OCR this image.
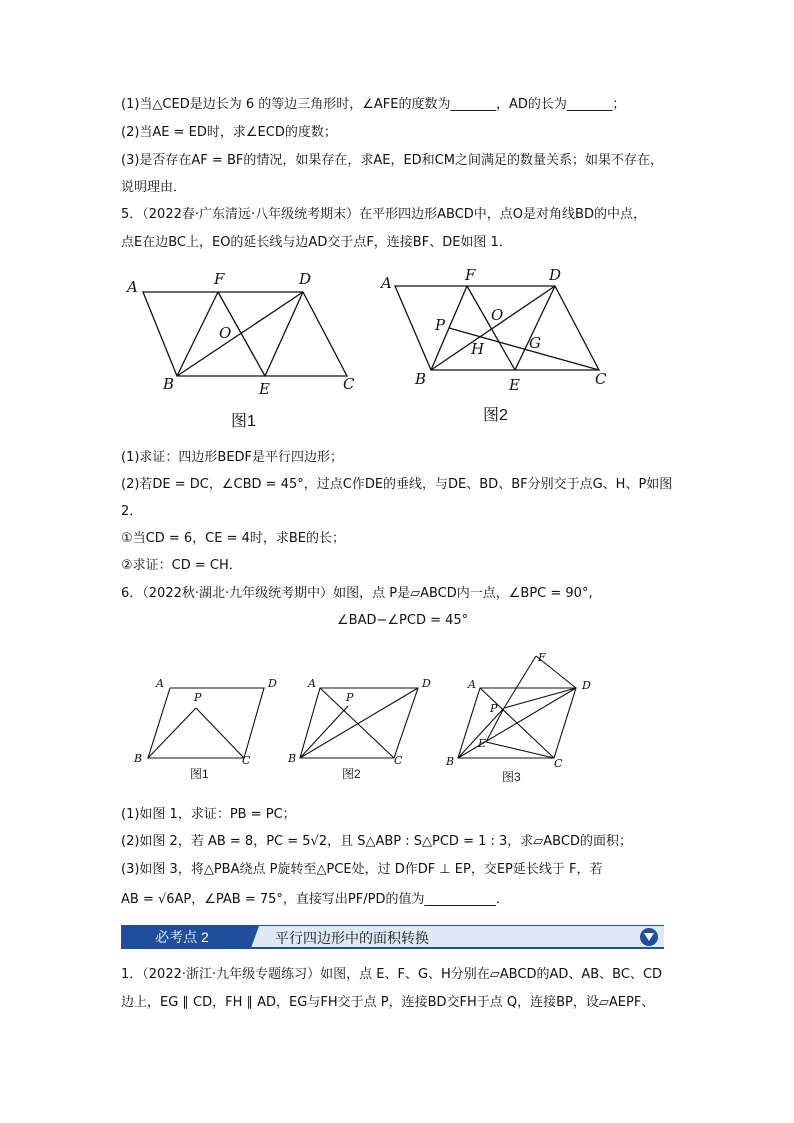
(1)当△CED是边长为 6 的等边三角形时，∠AFE的度数为_______，AD的长为_______；
(2)当AE = ED时，求∠ECD的度数；
(3)是否存在AF = BF的情况，如果存在，求AE，ED和CM之间满足的数量关系；如果不存在，
说明理由．
5．（2022春·广东清远·八年级统考期末）在平形四边形ABCD中，点O是对角线BD的中点，
点E在边BC上，EO的延长线与边AD交于点F，连接BF、DE如图 1．
A	F	D
O
B	E	C
图1
A	F	D
P
O
H	G
B	E	C
图2
(1)求证：四边形BEDF是平行四边形；
(2)若DE = DC，∠CBD = 45°，过点C作DE的垂线，与DE、BD、BF分别交于点G、H、P如图
2．
①当CD = 6，CE = 4时，求BE的长；
②求证：CD = CH．
6．（2022秋·湖北·九年级统考期中）如图，点 P是▱ABCD内一点，∠BPC = 90°,
∠BAD−∠PCD = 45°
A	D
P
B	C
图1
A	D
P
B	C
图2
A
F
D
P
E
B	C
图3
(1)如图 1，求证：PB = PC；
(2)如图 2，若 AB = 8，PC = 5√2，且 S△ABP : S△PCD = 1 : 3，求▱ABCD的面积；
(3)如图 3，将△PBA绕点 P旋转至△PCE处，过 D作DF ⊥ EP，交EP延长线于 F，若
AB = √6AP，∠PAB = 75°，直接写出PF/PD的值为___________．
平行四边形中的面积转换
必考点 2
1．（2022·浙江·九年级专题练习）如图，点 E、F、G、H分别在▱ABCD的AD、AB、BC、CD
边上，EG ∥ CD，FH ∥ AD，EG与FH交于点 P，连接BD交FH于点 Q，连接BP，设▱AEPF、
